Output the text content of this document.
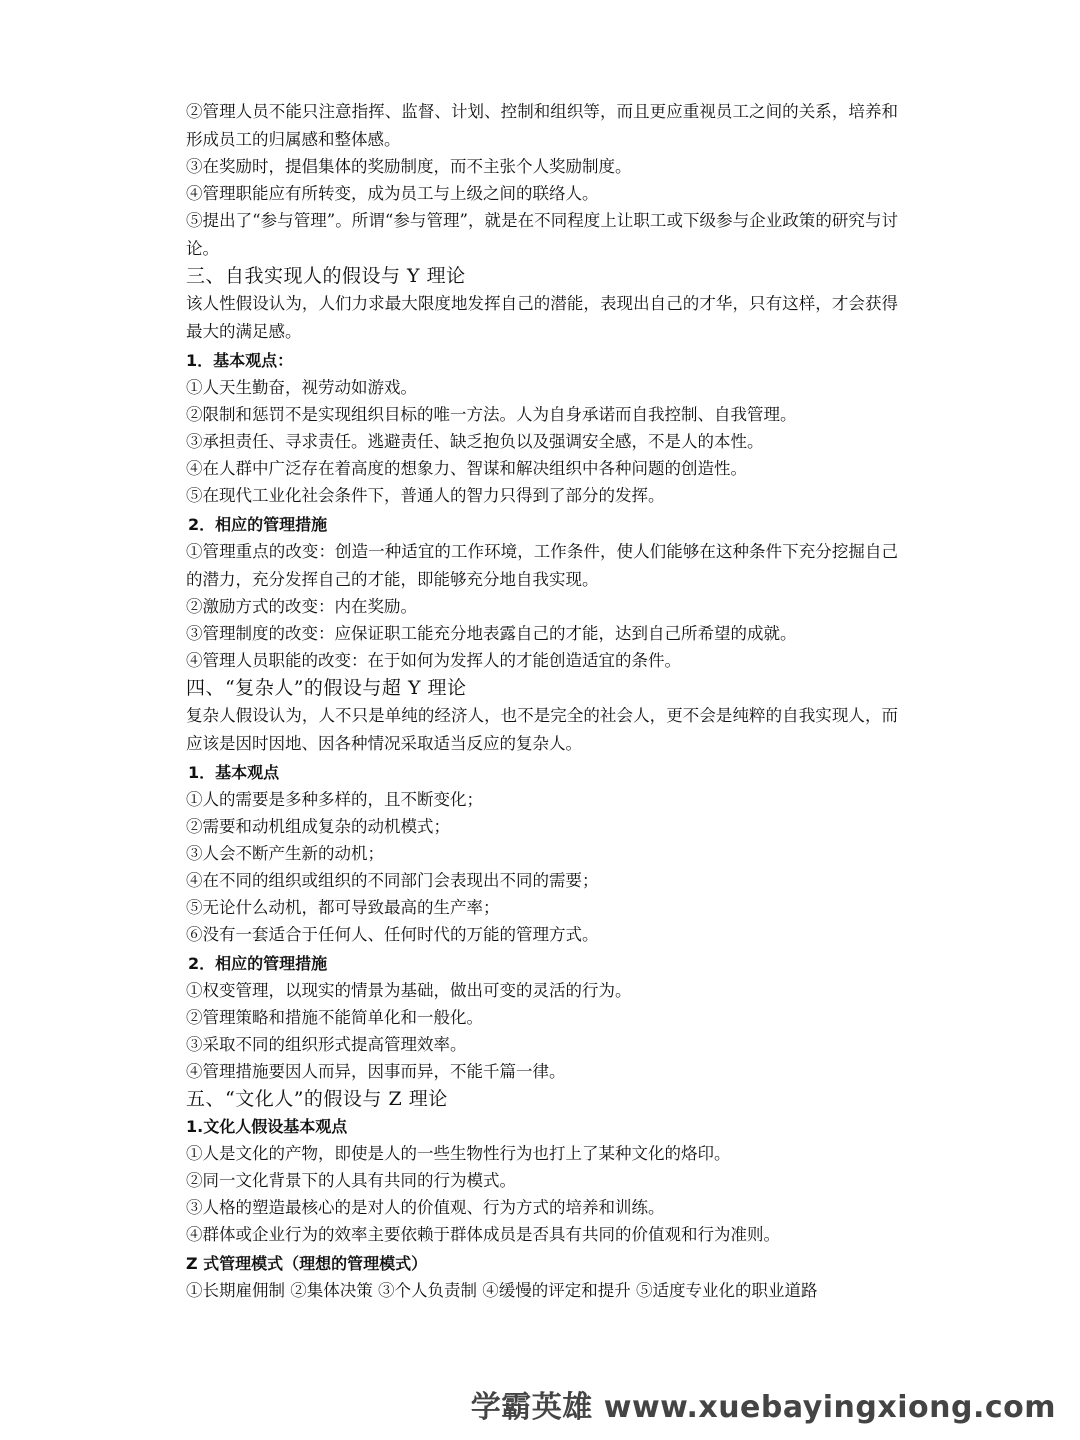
②管理人员不能只注意指挥、监督、计划、控制和组织等，而且更应重视员工之间的关系，培养和形成员工的归属感和整体感。

③在奖励时，提倡集体的奖励制度，而不主张个人奖励制度。

④管理职能应有所转变，成为员工与上级之间的联络人。

⑤提出了“参与管理”。所谓“参与管理”，就是在不同程度上让职工或下级参与企业政策的研究与讨论。

三、自我实现人的假设与 Y 理论

该人性假设认为，人们力求最大限度地发挥自己的潜能，表现出自己的才华，只有这样，才会获得最大的满足感。

1．基本观点：

①人天生勤奋，视劳动如游戏。

②限制和惩罚不是实现组织目标的唯一方法。人为自身承诺而自我控制、自我管理。

③承担责任、寻求责任。逃避责任、缺乏抱负以及强调安全感，不是人的本性。

④在人群中广泛存在着高度的想象力、智谋和解决组织中各种问题的创造性。

⑤在现代工业化社会条件下，普通人的智力只得到了部分的发挥。

2．相应的管理措施

①管理重点的改变：创造一种适宜的工作环境，工作条件，使人们能够在这种条件下充分挖掘自己的潜力，充分发挥自己的才能，即能够充分地自我实现。

②激励方式的改变：内在奖励。

③管理制度的改变：应保证职工能充分地表露自己的才能，达到自己所希望的成就。

④管理人员职能的改变：在于如何为发挥人的才能创造适宜的条件。

四、“复杂人”的假设与超 Y 理论

复杂人假设认为，人不只是单纯的经济人，也不是完全的社会人，更不会是纯粹的自我实现人，而应该是因时因地、因各种情况采取适当反应的复杂人。

1．基本观点

①人的需要是多种多样的，且不断变化；

②需要和动机组成复杂的动机模式；

③人会不断产生新的动机；

④在不同的组织或组织的不同部门会表现出不同的需要；

⑤无论什么动机，都可导致最高的生产率；

⑥没有一套适合于任何人、任何时代的万能的管理方式。

2．相应的管理措施

①权变管理，以现实的情景为基础，做出可变的灵活的行为。

②管理策略和措施不能简单化和一般化。

③采取不同的组织形式提高管理效率。

④管理措施要因人而异，因事而异，不能千篇一律。

五、“文化人”的假设与 Z 理论

1.文化人假设基本观点

①人是文化的产物，即使是人的一些生物性行为也打上了某种文化的烙印。

②同一文化背景下的人具有共同的行为模式。

③人格的塑造最核心的是对人的价值观、行为方式的培养和训练。

④群体或企业行为的效率主要依赖于群体成员是否具有共同的价值观和行为准则。

Z 式管理模式（理想的管理模式）

①长期雇佣制 ②集体决策 ③个人负责制 ④缓慢的评定和提升 ⑤适度专业化的职业道路

学霸英雄 www.xuebayingxiong.com
